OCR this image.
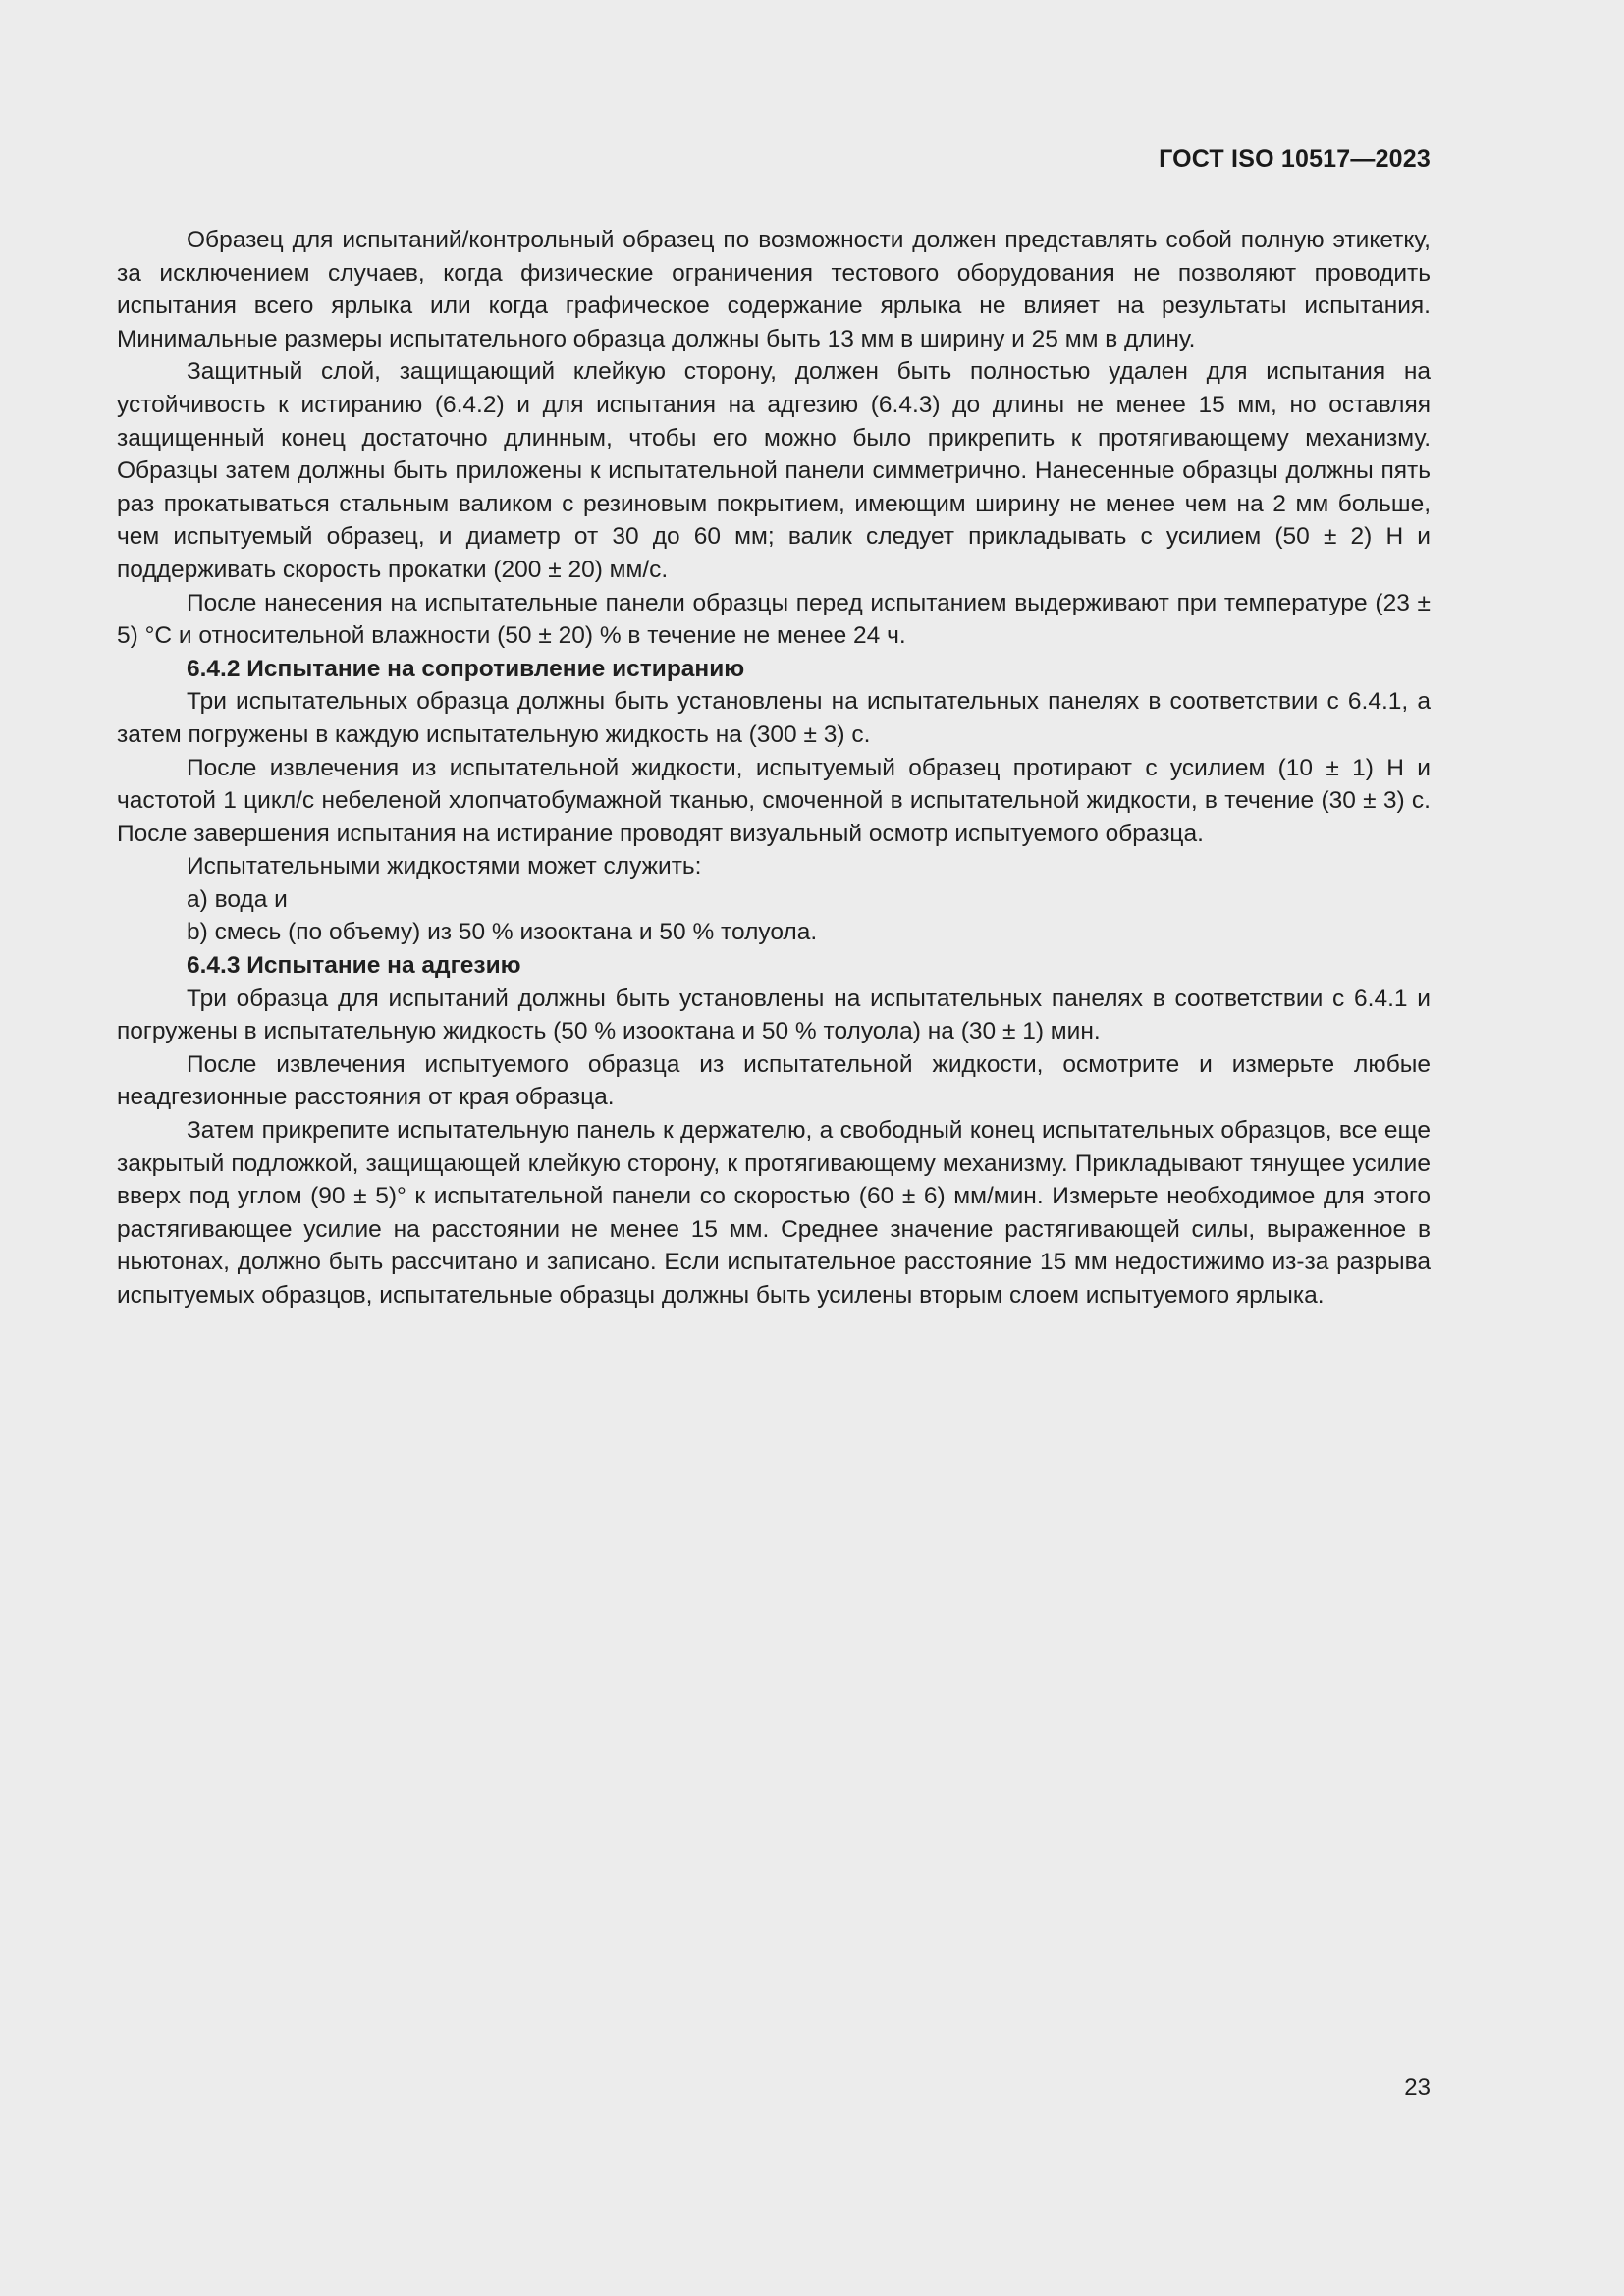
ГОСТ ISO 10517—2023

Образец для испытаний/контрольный образец по возможности должен представлять собой полную этикетку, за исключением случаев, когда физические ограничения тестового оборудования не позволяют проводить испытания всего ярлыка или когда графическое содержание ярлыка не влияет на результаты испытания. Минимальные размеры испытательного образца должны быть 13 мм в ширину и 25 мм в длину.

Защитный слой, защищающий клейкую сторону, должен быть полностью удален для испытания на устойчивость к истиранию (6.4.2) и для испытания на адгезию (6.4.3) до длины не менее 15 мм, но оставляя защищенный конец достаточно длинным, чтобы его можно было прикрепить к протягивающему механизму. Образцы затем должны быть приложены к испытательной панели симметрично. Нанесенные образцы должны пять раз прокатываться стальным валиком с резиновым покрытием, имеющим ширину не менее чем на 2 мм больше, чем испытуемый образец, и диаметр от 30 до 60 мм; валик следует прикладывать с усилием (50 ± 2) Н и поддерживать скорость прокатки (200 ± 20) мм/с.

После нанесения на испытательные панели образцы перед испытанием выдерживают при температуре (23 ± 5) °С и относительной влажности (50 ± 20) % в течение не менее 24 ч.

6.4.2 Испытание на сопротивление истиранию

Три испытательных образца должны быть установлены на испытательных панелях в соответствии с 6.4.1, а затем погружены в каждую испытательную жидкость на (300 ± 3) с.

После извлечения из испытательной жидкости, испытуемый образец протирают с усилием (10 ± 1) Н и частотой 1 цикл/с небеленой хлопчатобумажной тканью, смоченной в испытательной жидкости, в течение (30 ± 3) с. После завершения испытания на истирание проводят визуальный осмотр испытуемого образца.

Испытательными жидкостями может служить:

а) вода и

b) смесь (по объему) из 50 % изооктана и 50 % толуола.

6.4.3 Испытание на адгезию

Три образца для испытаний должны быть установлены на испытательных панелях в соответствии с 6.4.1 и погружены в испытательную жидкость (50 % изооктана и 50 % толуола) на (30 ± 1) мин.

После извлечения испытуемого образца из испытательной жидкости, осмотрите и измерьте любые неадгезионные расстояния от края образца.

Затем прикрепите испытательную панель к держателю, а свободный конец испытательных образцов, все еще закрытый подложкой, защищающей клейкую сторону, к протягивающему механизму. Прикладывают тянущее усилие вверх под углом (90 ± 5)° к испытательной панели со скоростью (60 ± 6) мм/мин. Измерьте необходимое для этого растягивающее усилие на расстоянии не менее 15 мм. Среднее значение растягивающей силы, выраженное в ньютонах, должно быть рассчитано и записано. Если испытательное расстояние 15 мм недостижимо из-за разрыва испытуемых образцов, испытательные образцы должны быть усилены вторым слоем испытуемого ярлыка.

23
